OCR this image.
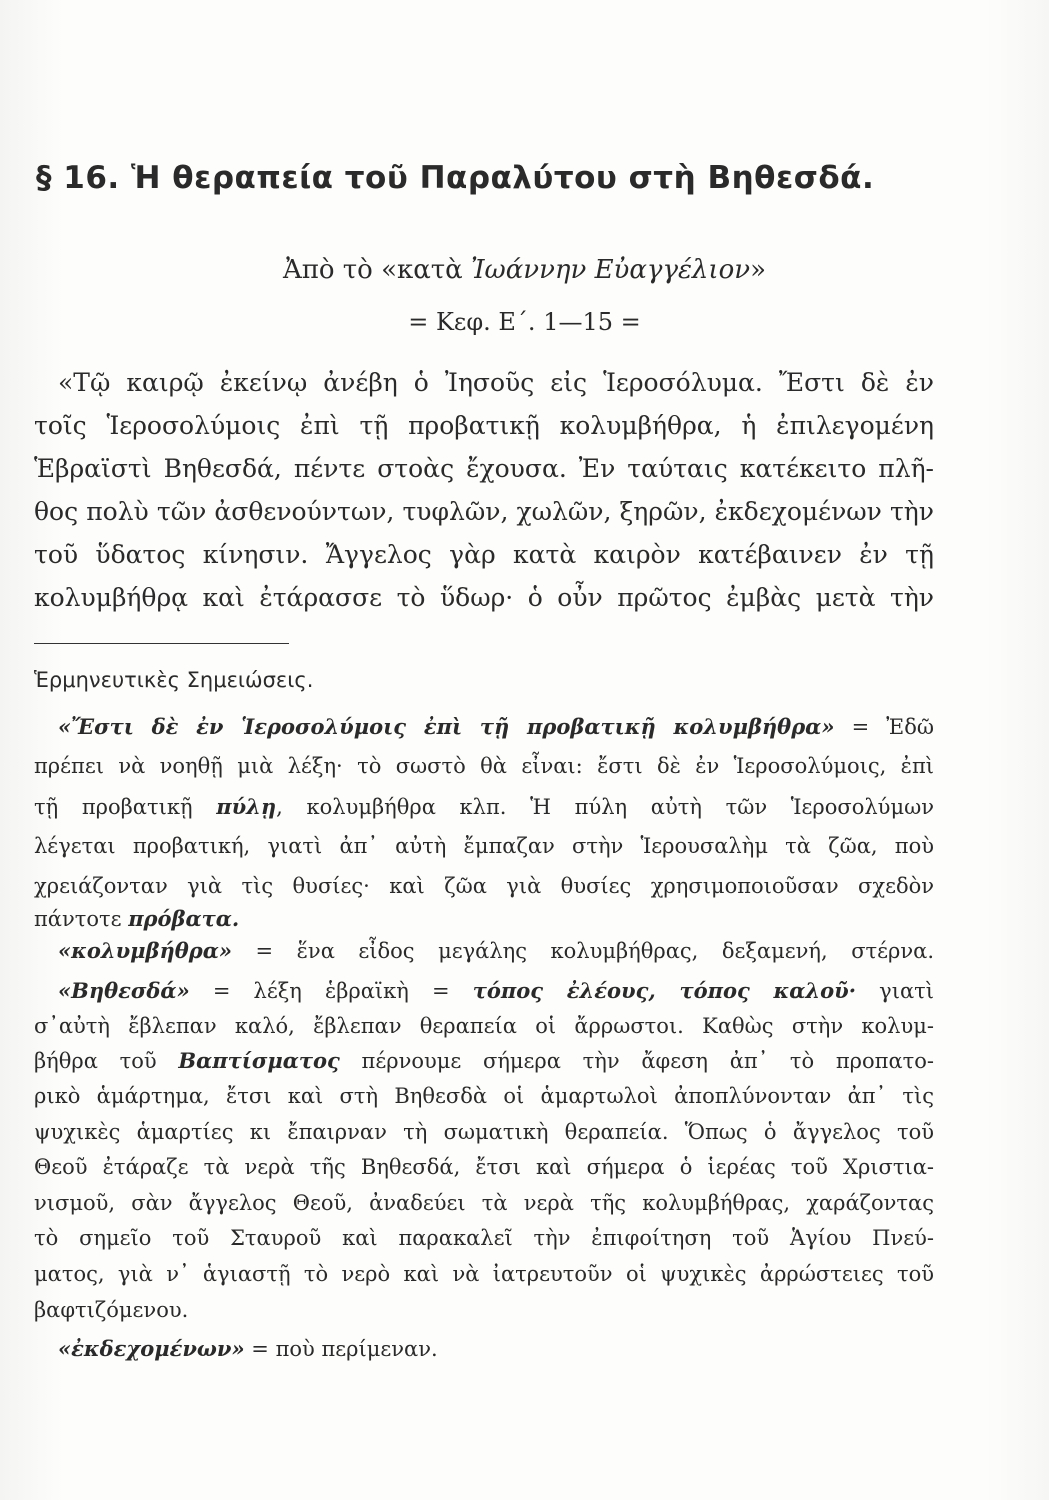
§ 16. Ἡ θεραπεία τοῦ Παραλύτου στὴ Βηθεσδά.
Ἀπὸ τὸ «κατὰ Ἰωάννην Εὐαγγέλιον»
= Κεφ. Ε΄. 1—15 =
«Τῷ καιρῷ ἐκείνῳ ἀνέβη ὁ Ἰησοῦς εἰς Ἱεροσόλυμα. Ἔστι δὲ ἐν
τοῖς Ἱεροσολύμοις ἐπὶ τῇ προβατικῇ κολυμβήθρα, ἡ ἐπιλεγομένη
Ἑβραϊστὶ Βηθεσδά, πέντε στοὰς ἔχουσα. Ἐν ταύταις κατέκειτο πλῆ-
θος πολὺ τῶν ἀσθενούντων, τυφλῶν, χωλῶν, ξηρῶν, ἐκδεχομένων τὴν
τοῦ ὕδατος κίνησιν. Ἄγγελος γὰρ κατὰ καιρὸν κατέβαινεν ἐν τῇ
κολυμβήθρᾳ καὶ ἐτάρασσε τὸ ὕδωρ· ὁ οὖν πρῶτος ἐμβὰς μετὰ τὴν
Ἑρμηνευτικὲς Σημειώσεις.
«Ἔστι δὲ ἐν Ἱεροσολύμοις ἐπὶ τῇ προβατικῇ κολυμβήθρα» = Ἐδῶ
πρέπει νὰ νοηθῇ μιὰ λέξη· τὸ σωστὸ θὰ εἶναι: ἔστι δὲ ἐν Ἱεροσολύμοις, ἐπὶ
τῇ προβατικῇ πύλῃ, κολυμβήθρα κλπ. Ἡ πύλη αὐτὴ τῶν Ἱεροσολύμων
λέγεται προβατική, γιατὶ ἀπ᾽ αὐτὴ ἔμπαζαν στὴν Ἱερουσαλὴμ τὰ ζῶα, ποὺ
χρειάζονταν γιὰ τὶς θυσίες· καὶ ζῶα γιὰ θυσίες χρησιμοποιοῦσαν σχεδὸν
πάντοτε πρόβατα.
«κολυμβήθρα» = ἕνα εἶδος μεγάλης κολυμβήθρας, δεξαμενή, στέρνα.
«Βηθεσδά» = λέξη ἑβραϊκὴ = τόπος ἐλέους, τόπος καλοῦ· γιατὶ
σ᾽αὐτὴ ἔβλεπαν καλό, ἔβλεπαν θεραπεία οἱ ἄρρωστοι. Καθὼς στὴν κολυμ-
βήθρα τοῦ Βαπτίσματος πέρνουμε σήμερα τὴν ἄφεση ἀπ᾽ τὸ προπατο-
ρικὸ ἁμάρτημα, ἔτσι καὶ στὴ Βηθεσδὰ οἱ ἁμαρτωλοὶ ἀποπλύνονταν ἀπ᾽ τὶς
ψυχικὲς ἁμαρτίες κι ἔπαιρναν τὴ σωματικὴ θεραπεία. Ὅπως ὁ ἄγγελος τοῦ
Θεοῦ ἐτάραζε τὰ νερὰ τῆς Βηθεσδά, ἔτσι καὶ σήμερα ὁ ἱερέας τοῦ Χριστια-
νισμοῦ, σὰν ἄγγελος Θεοῦ, ἀναδεύει τὰ νερὰ τῆς κολυμβήθρας, χαράζοντας
τὸ σημεῖο τοῦ Σταυροῦ καὶ παρακαλεῖ τὴν ἐπιφοίτηση τοῦ Ἁγίου Πνεύ-
ματος, γιὰ ν᾽ ἁγιαστῇ τὸ νερὸ καὶ νὰ ἰατρευτοῦν οἱ ψυχικὲς ἀρρώστειες τοῦ
βαφτιζόμενου.
«ἐκδεχομένων» = ποὺ περίμεναν.
